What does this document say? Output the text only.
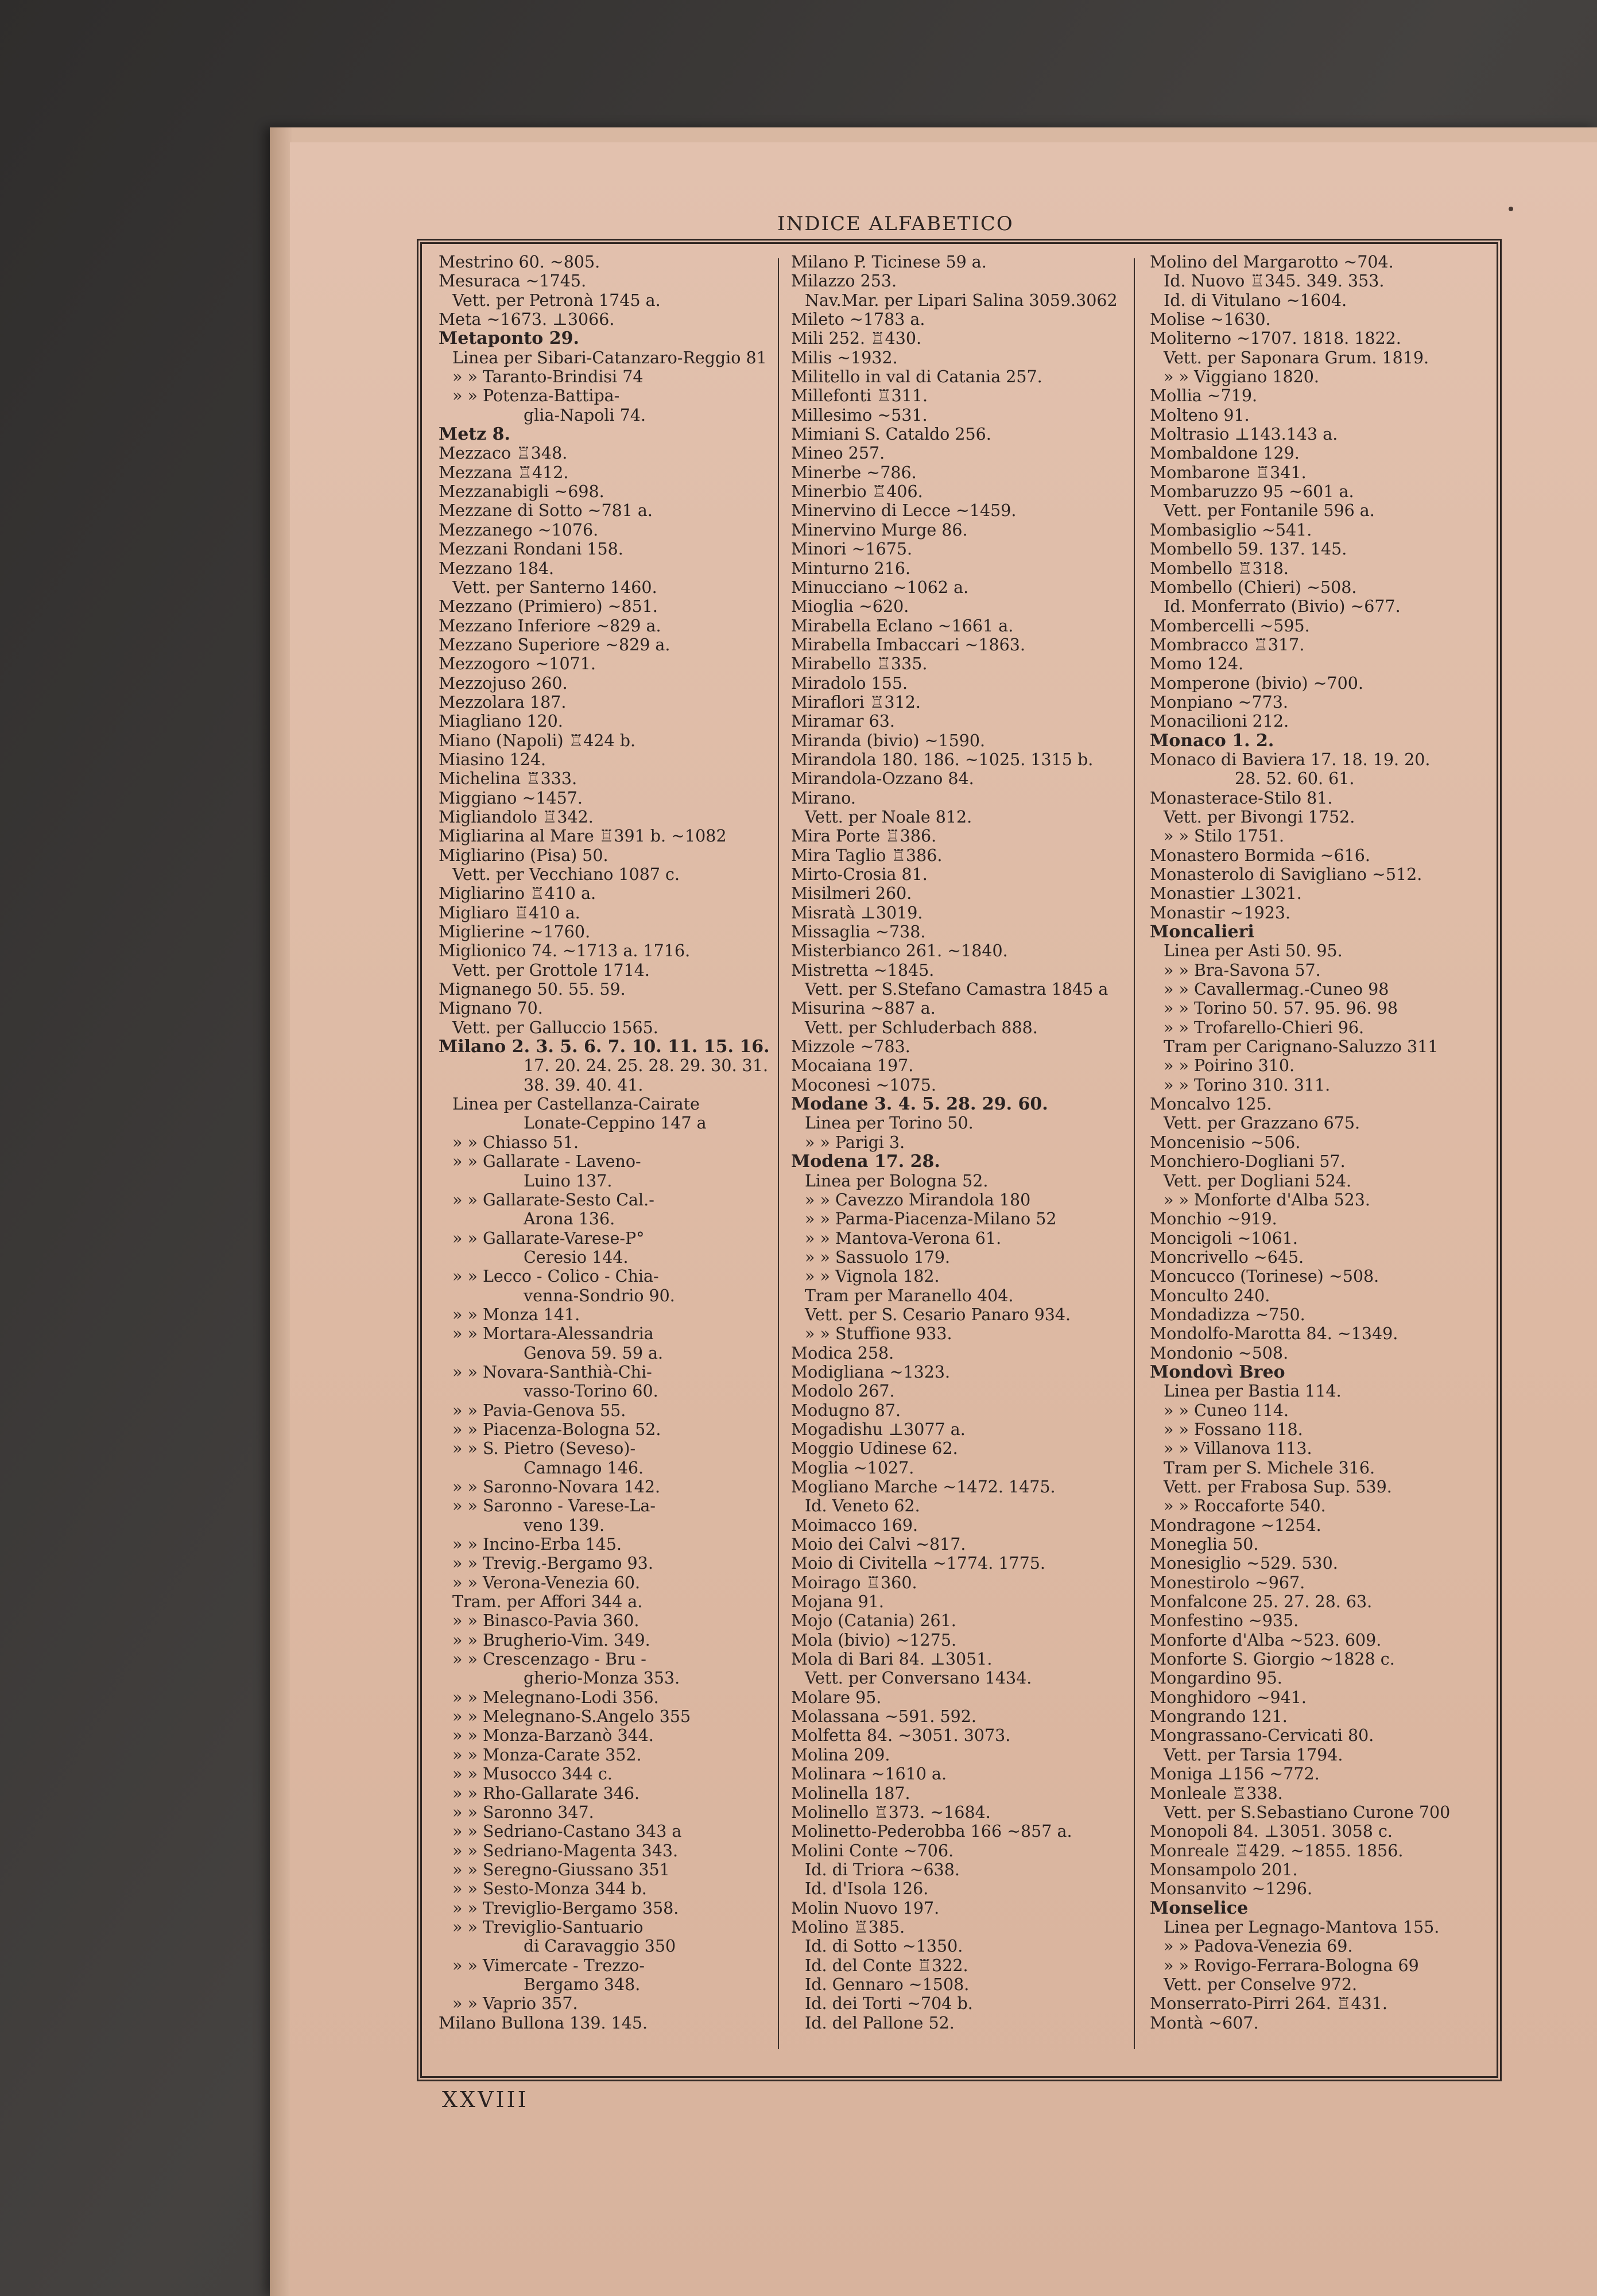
INDICE ALFABETICO

Mestrino 60. ~805.

Mesuraca ~1745.

Vett. per Petronà 1745 a.

Meta ~1673. ⊥3066.

Metaponto 29.

Linea per Sibari-Catanzaro-Reggio 81

» » Taranto-Brindisi 74

» » Potenza-Battipa-

glia-Napoli 74.

Metz 8.

Mezzaco ♖348.

Mezzana ♖412.

Mezzanabigli ~698.

Mezzane di Sotto ~781 a.

Mezzanego ~1076.

Mezzani Rondani 158.

Mezzano 184.

Vett. per Santerno 1460.

Mezzano (Primiero) ~851.

Mezzano Inferiore ~829 a.

Mezzano Superiore ~829 a.

Mezzogoro ~1071.

Mezzojuso 260.

Mezzolara 187.

Miagliano 120.

Miano (Napoli) ♖424 b.

Miasino 124.

Michelina ♖333.

Miggiano ~1457.

Migliandolo ♖342.

Migliarina al Mare ♖391 b. ~1082

Migliarino (Pisa) 50.

Vett. per Vecchiano 1087 c.

Migliarino ♖410 a.

Migliaro ♖410 a.

Miglierine ~1760.

Miglionico 74. ~1713 a. 1716.

Vett. per Grottole 1714.

Mignanego 50. 55. 59.

Mignano 70.

Vett. per Galluccio 1565.

Milano 2. 3. 5. 6. 7. 10. 11. 15. 16.

17. 20. 24. 25. 28. 29. 30. 31.

38. 39. 40. 41.

Linea per Castellanza-Cairate

Lonate-Ceppino 147 a

» » Chiasso 51.

» » Gallarate - Laveno-

Luino 137.

» » Gallarate-Sesto Cal.-

Arona 136.

» » Gallarate-Varese-P°

Ceresio 144.

» » Lecco - Colico - Chia-

venna-Sondrio 90.

» » Monza 141.

» » Mortara-Alessandria

Genova 59. 59 a.

» » Novara-Santhià-Chi-

vasso-Torino 60.

» » Pavia-Genova 55.

» » Piacenza-Bologna 52.

» » S. Pietro (Seveso)-

Camnago 146.

» » Saronno-Novara 142.

» » Saronno - Varese-La-

veno 139.

» » Incino-Erba 145.

» » Trevig.-Bergamo 93.

» » Verona-Venezia 60.

Tram. per Affori 344 a.

» » Binasco-Pavia 360.

» » Brugherio-Vim. 349.

» » Crescenzago - Bru -

gherio-Monza 353.

» » Melegnano-Lodi 356.

» » Melegnano-S.Angelo 355

» » Monza-Barzanò 344.

» » Monza-Carate 352.

» » Musocco 344 c.

» » Rho-Gallarate 346.

» » Saronno 347.

» » Sedriano-Castano 343 a

» » Sedriano-Magenta 343.

» » Seregno-Giussano 351

» » Sesto-Monza 344 b.

» » Treviglio-Bergamo 358.

» » Treviglio-Santuario

di Caravaggio 350

» » Vimercate - Trezzo-

Bergamo 348.

» » Vaprio 357.

Milano Bullona 139. 145.

Milano P. Ticinese 59 a.

Milazzo 253.

Nav.Mar. per Lipari Salina 3059.3062

Mileto ~1783 a.

Mili 252. ♖430.

Milis ~1932.

Militello in val di Catania 257.

Millefonti ♖311.

Millesimo ~531.

Mimiani S. Cataldo 256.

Mineo 257.

Minerbe ~786.

Minerbio ♖406.

Minervino di Lecce ~1459.

Minervino Murge 86.

Minori ~1675.

Minturno 216.

Minucciano ~1062 a.

Mioglia ~620.

Mirabella Eclano ~1661 a.

Mirabella Imbaccari ~1863.

Mirabello ♖335.

Miradolo 155.

Miraflori ♖312.

Miramar 63.

Miranda (bivio) ~1590.

Mirandola 180. 186. ~1025. 1315 b.

Mirandola-Ozzano 84.

Mirano.

Vett. per Noale 812.

Mira Porte ♖386.

Mira Taglio ♖386.

Mirto-Crosia 81.

Misilmeri 260.

Misratà ⊥3019.

Missaglia ~738.

Misterbianco 261. ~1840.

Mistretta ~1845.

Vett. per S.Stefano Camastra 1845 a

Misurina ~887 a.

Vett. per Schluderbach 888.

Mizzole ~783.

Mocaiana 197.

Moconesi ~1075.

Modane 3. 4. 5. 28. 29. 60.

Linea per Torino 50.

» » Parigi 3.

Modena 17. 28.

Linea per Bologna 52.

» » Cavezzo Mirandola 180

» » Parma-Piacenza-Milano 52

» » Mantova-Verona 61.

» » Sassuolo 179.

» » Vignola 182.

Tram per Maranello 404.

Vett. per S. Cesario Panaro 934.

» » Stuffione 933.

Modica 258.

Modigliana ~1323.

Modolo 267.

Modugno 87.

Mogadishu ⊥3077 a.

Moggio Udinese 62.

Moglia ~1027.

Mogliano Marche ~1472. 1475.

Id. Veneto 62.

Moimacco 169.

Moio dei Calvi ~817.

Moio di Civitella ~1774. 1775.

Moirago ♖360.

Mojana 91.

Mojo (Catania) 261.

Mola (bivio) ~1275.

Mola di Bari 84. ⊥3051.

Vett. per Conversano 1434.

Molare 95.

Molassana ~591. 592.

Molfetta 84. ~3051. 3073.

Molina 209.

Molinara ~1610 a.

Molinella 187.

Molinello ♖373. ~1684.

Molinetto-Pederobba 166 ~857 a.

Molini Conte ~706.

Id. di Triora ~638.

Id. d'Isola 126.

Molin Nuovo 197.

Molino ♖385.

Id. di Sotto ~1350.

Id. del Conte ♖322.

Id. Gennaro ~1508.

Id. dei Torti ~704 b.

Id. del Pallone 52.

Molino del Margarotto ~704.

Id. Nuovo ♖345. 349. 353.

Id. di Vitulano ~1604.

Molise ~1630.

Moliterno ~1707. 1818. 1822.

Vett. per Saponara Grum. 1819.

» » Viggiano 1820.

Mollia ~719.

Molteno 91.

Moltrasio ⊥143.143 a.

Mombaldone 129.

Mombarone ♖341.

Mombaruzzo 95 ~601 a.

Vett. per Fontanile 596 a.

Mombasiglio ~541.

Mombello 59. 137. 145.

Mombello ♖318.

Mombello (Chieri) ~508.

Id. Monferrato (Bivio) ~677.

Mombercelli ~595.

Mombracco ♖317.

Momo 124.

Momperone (bivio) ~700.

Monpiano ~773.

Monacilioni 212.

Monaco 1. 2.

Monaco di Baviera 17. 18. 19. 20.

28. 52. 60. 61.

Monasterace-Stilo 81.

Vett. per Bivongi 1752.

» » Stilo 1751.

Monastero Bormida ~616.

Monasterolo di Savigliano ~512.

Monastier ⊥3021.

Monastir ~1923.

Moncalieri

Linea per Asti 50. 95.

» » Bra-Savona 57.

» » Cavallermag.-Cuneo 98

» » Torino 50. 57. 95. 96. 98

» » Trofarello-Chieri 96.

Tram per Carignano-Saluzzo 311

» » Poirino 310.

» » Torino 310. 311.

Moncalvo 125.

Vett. per Grazzano 675.

Moncenisio ~506.

Monchiero-Dogliani 57.

Vett. per Dogliani 524.

» » Monforte d'Alba 523.

Monchio ~919.

Moncigoli ~1061.

Moncrivello ~645.

Moncucco (Torinese) ~508.

Monculto 240.

Mondadizza ~750.

Mondolfo-Marotta 84. ~1349.

Mondonio ~508.

Mondovì Breo

Linea per Bastia 114.

» » Cuneo 114.

» » Fossano 118.

» » Villanova 113.

Tram per S. Michele 316.

Vett. per Frabosa Sup. 539.

» » Roccaforte 540.

Mondragone ~1254.

Moneglia 50.

Monesiglio ~529. 530.

Monestirolo ~967.

Monfalcone 25. 27. 28. 63.

Monfestino ~935.

Monforte d'Alba ~523. 609.

Monforte S. Giorgio ~1828 c.

Mongardino 95.

Monghidoro ~941.

Mongrando 121.

Mongrassano-Cervicati 80.

Vett. per Tarsia 1794.

Moniga ⊥156 ~772.

Monleale ♖338.

Vett. per S.Sebastiano Curone 700

Monopoli 84. ⊥3051. 3058 c.

Monreale ♖429. ~1855. 1856.

Monsampolo 201.

Monsanvito ~1296.

Monselice

Linea per Legnago-Mantova 155.

» » Padova-Venezia 69.

» » Rovigo-Ferrara-Bologna 69

Vett. per Conselve 972.

Monserrato-Pirri 264. ♖431.

Montà ~607.

XXVIII
